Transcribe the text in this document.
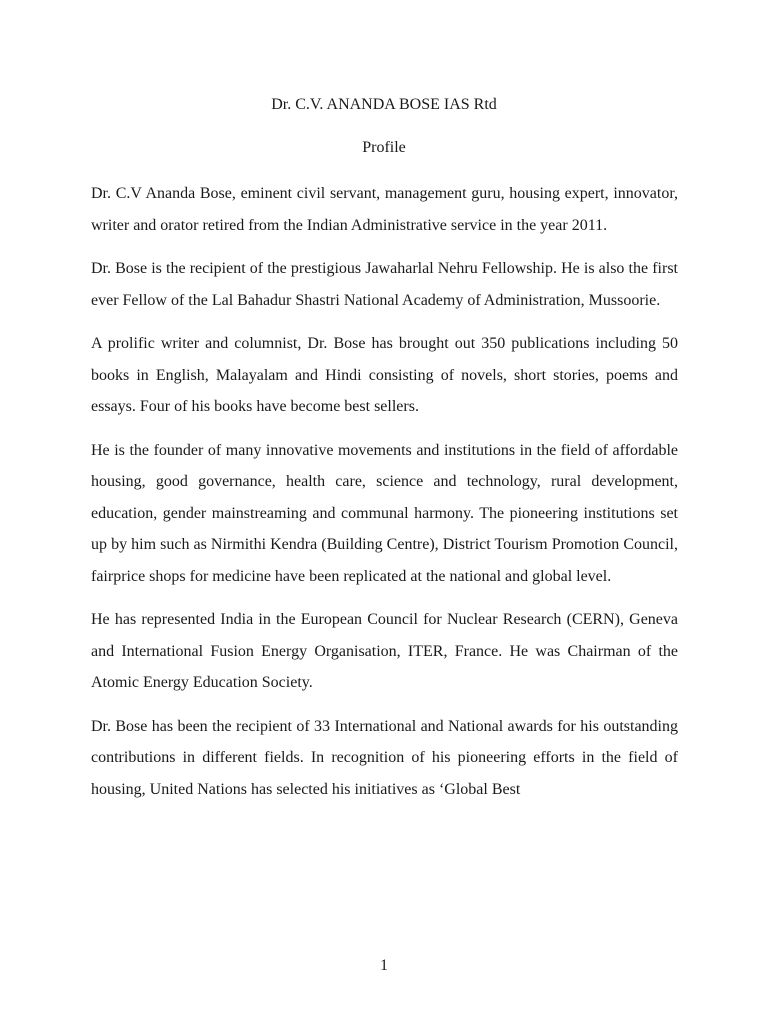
Dr. C.V. ANANDA BOSE IAS Rtd
Profile

Dr. C.V Ananda Bose, eminent civil servant, management guru, housing expert, innovator, writer and orator retired from the Indian Administrative service in the year 2011.

Dr. Bose is the recipient of the prestigious Jawaharlal Nehru Fellowship. He is also the first ever Fellow of the Lal Bahadur Shastri National Academy of Administration, Mussoorie.

A prolific writer and columnist, Dr. Bose has brought out 350 publications including 50 books in English, Malayalam and Hindi consisting of novels, short stories, poems and essays. Four of his books have become best sellers.

He is the founder of many innovative movements and institutions in the field of affordable housing, good governance, health care, science and technology, rural development, education, gender mainstreaming and communal harmony. The pioneering institutions set up by him such as Nirmithi Kendra (Building Centre), District Tourism Promotion Council, fairprice shops for medicine have been replicated at the national and global level.

He has represented India in the European Council for Nuclear Research (CERN), Geneva and International Fusion Energy Organisation, ITER, France. He was Chairman of the Atomic Energy Education Society.

Dr. Bose has been the recipient of 33 International and National awards for his outstanding contributions in different fields. In recognition of his pioneering efforts in the field of housing, United Nations has selected his initiatives as ‘Global Best

1
